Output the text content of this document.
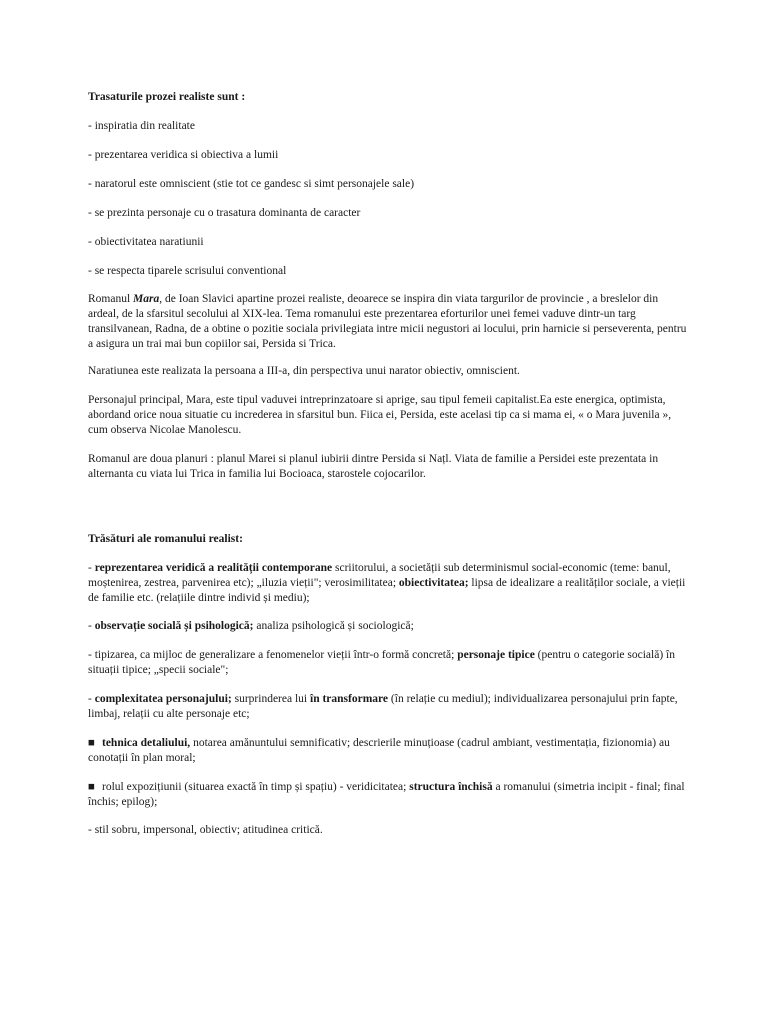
Trasaturile prozei realiste sunt :

- inspiratia din realitate

- prezentarea veridica si obiectiva a lumii

- naratorul este omniscient (stie tot ce gandesc si simt personajele sale)

- se prezinta personaje cu o trasatura dominanta de caracter

- obiectivitatea naratiunii

- se respecta tiparele scrisului conventional

Romanul Mara, de Ioan Slavici apartine prozei realiste, deoarece se inspira din viata targurilor de provincie , a breslelor din ardeal, de la sfarsitul secolului al XIX-lea. Tema romanului este prezentarea eforturilor unei femei vaduve dintr-un targ transilvanean, Radna, de a obtine o pozitie sociala privilegiata intre micii negustori ai locului, prin harnicie si perseverenta, pentru a asigura un trai mai bun copiilor sai, Persida si Trica.

Naratiunea este realizata la persoana a III-a, din perspectiva unui narator obiectiv, omniscient.

Personajul principal, Mara, este tipul vaduvei intreprinzatoare si aprige, sau tipul femeii capitalist.Ea este energica, optimista, abordand orice noua situatie cu increderea in sfarsitul bun. Fiica ei, Persida, este acelasi tip ca si mama ei, « o Mara juvenila », cum observa Nicolae Manolescu.

Romanul are doua planuri : planul Marei si planul iubirii dintre Persida si Națl. Viata de familie a Persidei este prezentata in alternanta cu viata lui Trica in familia lui Bocioaca, starostele cojocarilor.

Trăsături ale romanului realist:

- reprezentarea veridică a realității contemporane scriitorului, a societății sub determinismul social-economic (teme: banul, moștenirea, zestrea, parvenirea etc); „iluzia vieții"; verosimilitatea; obiectivitatea; lipsa de idealizare a realităților sociale, a vieții de familie etc. (relațiile dintre individ și mediu);

- observație socială și psihologică; analiza psihologică și sociologică;

- tipizarea, ca mijloc de generalizare a fenomenelor vieții într-o formă concretă; personaje tipice (pentru o categorie socială) în situații tipice; „specii sociale";

- complexitatea personajului; surprinderea lui în transformare (în relație cu mediul); individualizarea personajului prin fapte, limbaj, relații cu alte personaje etc;

■ tehnica detaliului, notarea amănuntului semnificativ; descrierile minuțioase (cadrul ambiant, vestimentația, fizionomia) au conotații în plan moral;

■ rolul expozițiunii (situarea exactă în timp și spațiu) - veridicitatea; structura închisă a romanului (simetria incipit - final; final închis; epilog);

- stil sobru, impersonal, obiectiv; atitudinea critică.
